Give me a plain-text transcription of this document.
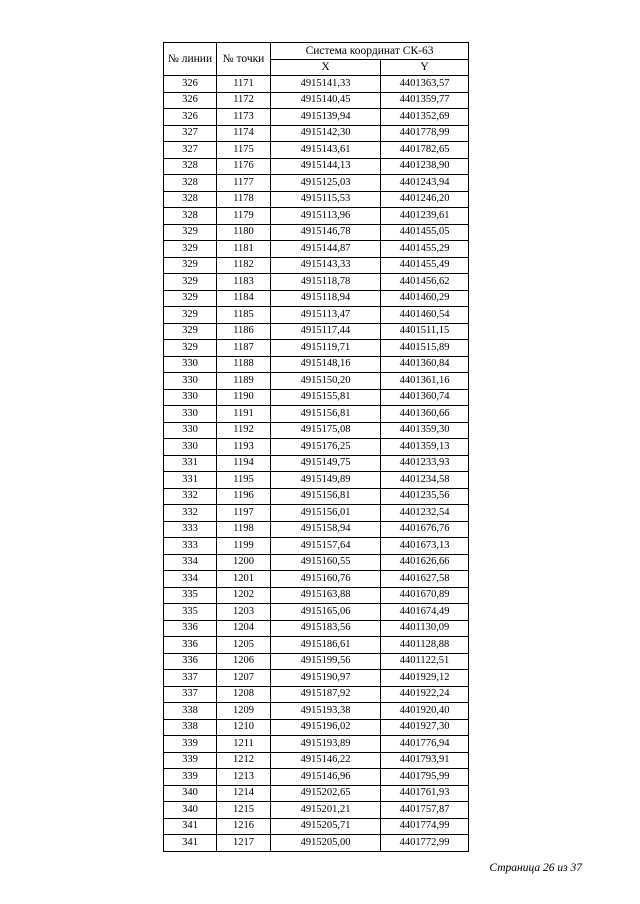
№ линии	№ точки	Система координат СК-63	
		X	Y
326	1171	4915141,33	4401363,57
326	1172	4915140,45	4401359,77
326	1173	4915139,94	4401352,69
327	1174	4915142,30	4401778,99
327	1175	4915143,61	4401782,65
328	1176	4915144,13	4401238,90
328	1177	4915125,03	4401243,94
328	1178	4915115,53	4401246,20
328	1179	4915113,96	4401239,61
329	1180	4915146,78	4401455,05
329	1181	4915144,87	4401455,29
329	1182	4915143,33	4401455,49
329	1183	4915118,78	4401456,62
329	1184	4915118,94	4401460,29
329	1185	4915113,47	4401460,54
329	1186	4915117,44	4401511,15
329	1187	4915119,71	4401515,89
330	1188	4915148,16	4401360,84
330	1189	4915150,20	4401361,16
330	1190	4915155,81	4401360,74
330	1191	4915156,81	4401360,66
330	1192	4915175,08	4401359,30
330	1193	4915176,25	4401359,13
331	1194	4915149,75	4401233,93
331	1195	4915149,89	4401234,58
332	1196	4915156,81	4401235,56
332	1197	4915156,01	4401232,54
333	1198	4915158,94	4401676,76
333	1199	4915157,64	4401673,13
334	1200	4915160,55	4401626,66
334	1201	4915160,76	4401627,58
335	1202	4915163,88	4401670,89
335	1203	4915165,06	4401674,49
336	1204	4915183,56	4401130,09
336	1205	4915186,61	4401128,88
336	1206	4915199,56	4401122,51
337	1207	4915190,97	4401929,12
337	1208	4915187,92	4401922,24
338	1209	4915193,38	4401920,40
338	1210	4915196,02	4401927,30
339	1211	4915193,89	4401776,94
339	1212	4915146,22	4401793,91
339	1213	4915146,96	4401795,99
340	1214	4915202,65	4401761,93
340	1215	4915201,21	4401757,87
341	1216	4915205,71	4401774,99
341	1217	4915205,00	4401772,99
Страница 26 из 37
